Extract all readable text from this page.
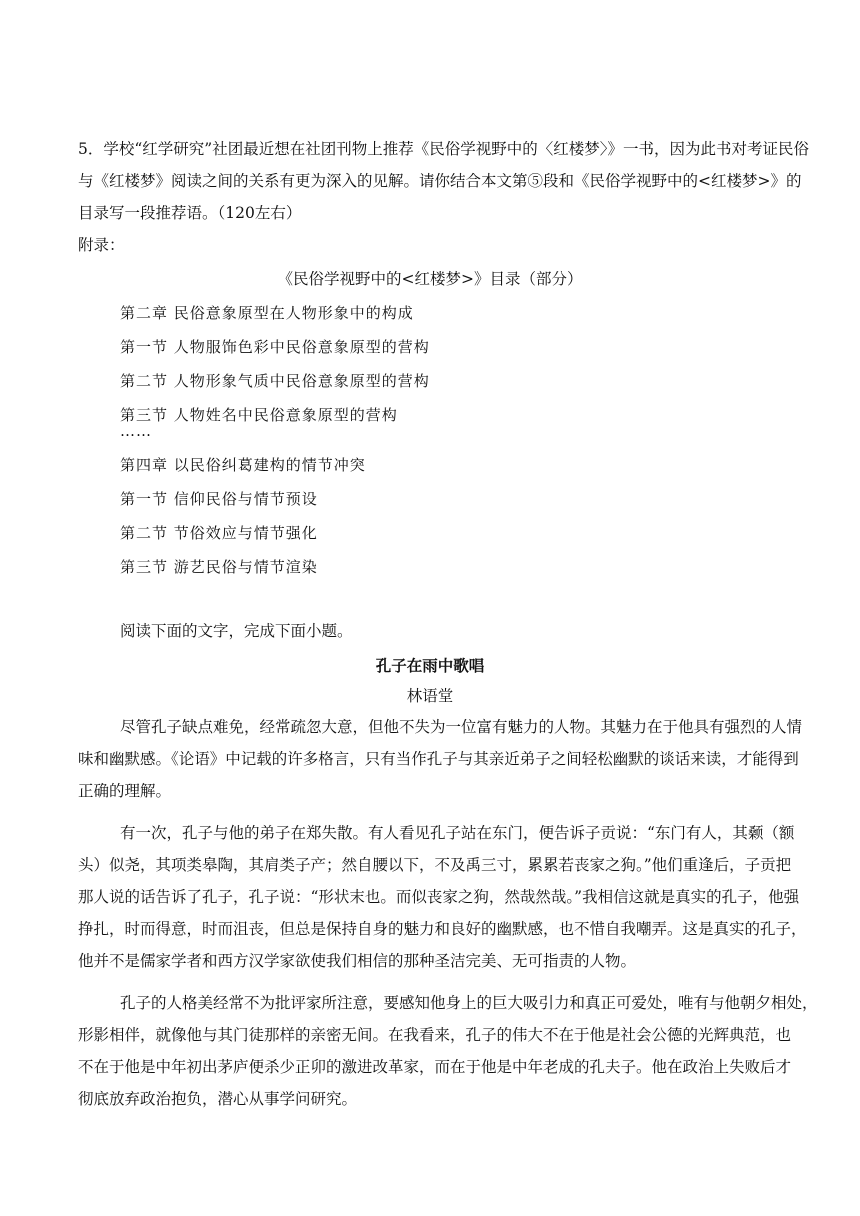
5．学校“红学研究”社团最近想在社团刊物上推荐《民俗学视野中的〈红楼梦〉》一书，因为此书对考证民俗
与《红楼梦》阅读之间的关系有更为深入的见解。请你结合本文第⑤段和《民俗学视野中的<红楼梦>》的
目录写一段推荐语。（120左右）
附录：
《民俗学视野中的<红楼梦>》目录（部分）
第二章 民俗意象原型在人物形象中的构成
第一节 人物服饰色彩中民俗意象原型的营构
第二节 人物形象气质中民俗意象原型的营构
第三节 人物姓名中民俗意象原型的营构
……
第四章 以民俗纠葛建构的情节冲突
第一节 信仰民俗与情节预设
第二节 节俗效应与情节强化
第三节 游艺民俗与情节渲染
阅读下面的文字，完成下面小题。
孔子在雨中歌唱
林语堂
尽管孔子缺点难免，经常疏忽大意，但他不失为一位富有魅力的人物。其魅力在于他具有强烈的人情
味和幽默感。《论语》中记载的许多格言，只有当作孔子与其亲近弟子之间轻松幽默的谈话来读，才能得到
正确的理解。
有一次，孔子与他的弟子在郑失散。有人看见孔子站在东门，便告诉子贡说：“东门有人，其颡（额
头）似尧，其项类皋陶，其肩类子产；然自腰以下，不及禹三寸，累累若丧家之狗。”他们重逢后，子贡把
那人说的话告诉了孔子，孔子说：“形状末也。而似丧家之狗，然哉然哉。”我相信这就是真实的孔子，他强
挣扎，时而得意，时而沮丧，但总是保持自身的魅力和良好的幽默感，也不惜自我嘲弄。这是真实的孔子，
他并不是儒家学者和西方汉学家欲使我们相信的那种圣洁完美、无可指责的人物。
孔子的人格美经常不为批评家所注意，要感知他身上的巨大吸引力和真正可爱处，唯有与他朝夕相处，
形影相伴，就像他与其门徒那样的亲密无间。在我看来，孔子的伟大不在于他是社会公德的光辉典范，也
不在于他是中年初出茅庐便杀少正卯的激进改革家，而在于他是中年老成的孔夫子。他在政治上失败后才
彻底放弃政治抱负，潜心从事学问研究。
